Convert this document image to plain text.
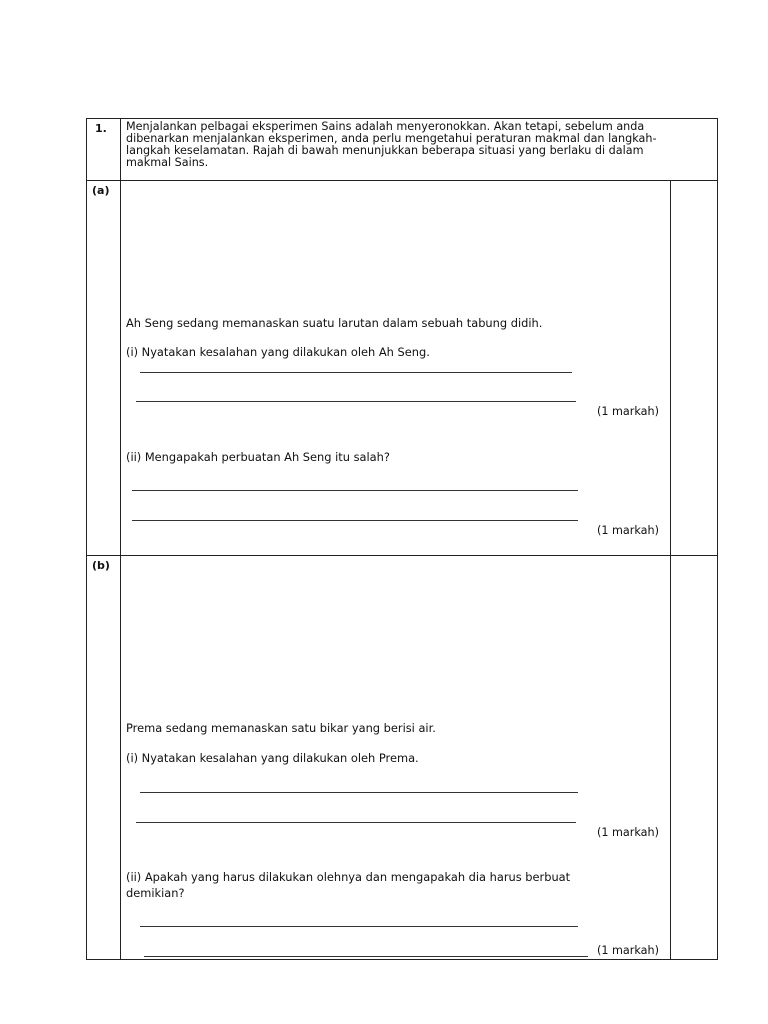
1. Menjalankan pelbagai eksperimen Sains adalah menyeronokkan. Akan tetapi, sebelum anda dibenarkan menjalankan eksperimen, anda perlu mengetahui peraturan makmal dan langkah-langkah keselamatan. Rajah di bawah menunjukkan beberapa situasi yang berlaku di dalam makmal Sains.
(a)
Ah Seng sedang memanaskan suatu larutan dalam sebuah tabung didih.
(i) Nyatakan kesalahan yang dilakukan oleh Ah Seng.
(1 markah)
(ii) Mengapakah perbuatan Ah Seng itu salah?
(1 markah)
(b)
Prema sedang memanaskan satu bikar yang berisi air.
(i) Nyatakan kesalahan yang dilakukan oleh Prema.
(1 markah)
(ii) Apakah yang harus dilakukan olehnya dan mengapakah dia harus berbuat
demikian?
(1 markah)
